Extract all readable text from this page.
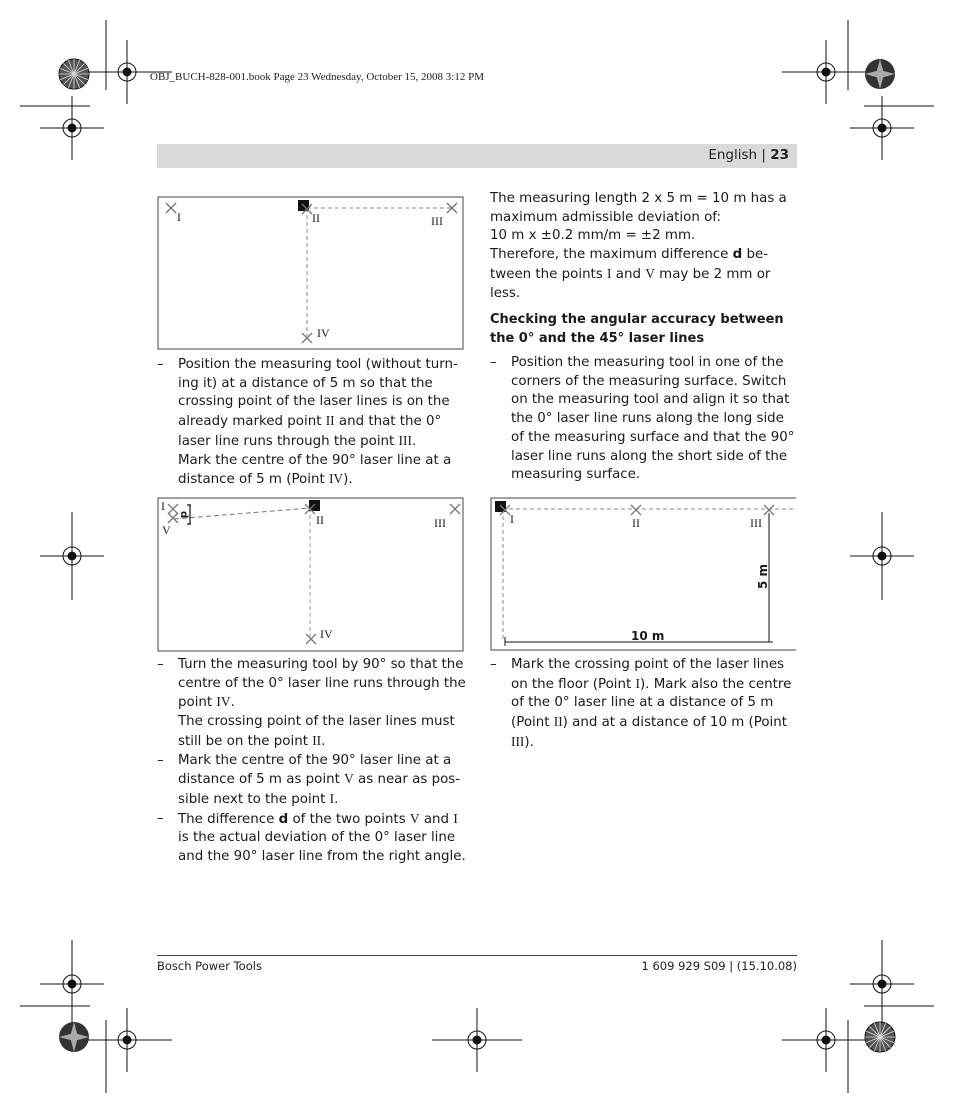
OBJ_BUCH-828-001.book Page 23 Wednesday, October 15, 2008 3:12 PM
English | 23
I	II	III
IV
– Position the measuring tool (without turn-ing it) at a distance of 5 m so that the crossing point of the laser lines is on the already marked point II and that the 0° laser line runs through the point III.

Mark the centre of the 90° laser line at a distance of 5 m (Point IV).

d
I
V
II	III
IV
– Turn the measuring tool by 90° so that the centre of the 0° laser line runs through the point IV.

The crossing point of the laser lines must still be on the point II.

– Mark the centre of the 90° laser line at a distance of 5 m as point V as near as pos-sible next to the point I.

– The difference d of the two points V and I is the actual deviation of the 0° laser line and the 90° laser line from the right angle.

The measuring length 2 x 5 m = 10 m has a maximum admissible deviation of:

10 m x ±0.2 mm/m = ±2 mm.

Therefore, the maximum difference d be-tween the points I and V may be 2 mm or less.

Checking the angular accuracy between the 0° and the 45° laser lines
– Position the measuring tool in one of the corners of the measuring surface. Switch on the measuring tool and align it so that the 0° laser line runs along the long side of the measuring surface and that the 90° laser line runs along the short side of the measuring surface.

I	II	III
5 m
10 m
– Mark the crossing point of the laser lines on the floor (Point I). Mark also the centre of the 0° laser line at a distance of 5 m (Point II) and at a distance of 10 m (Point III).

Bosch Power Tools	1 609 929 S09 | (15.10.08)
